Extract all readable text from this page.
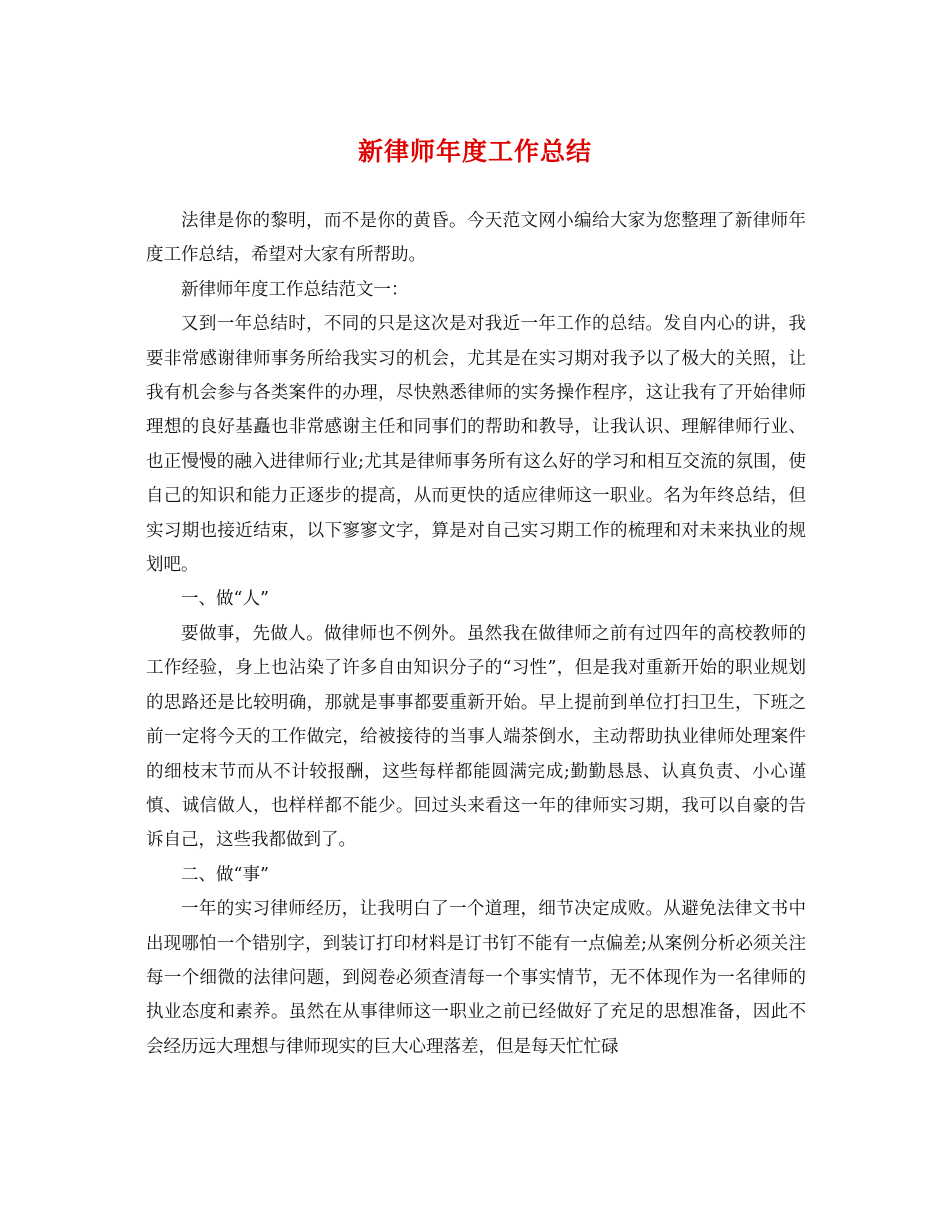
新律师年度工作总结

法律是你的黎明，而不是你的黄昏。今天范文网小编给大家为您整理了新律师年度工作总结，希望对大家有所帮助。

新律师年度工作总结范文一：

又到一年总结时，不同的只是这次是对我近一年工作的总结。发自内心的讲，我要非常感谢律师事务所给我实习的机会，尤其是在实习期对我予以了极大的关照，让我有机会参与各类案件的办理，尽快熟悉律师的实务操作程序，这让我有了开始律师理想的良好基矗也非常感谢主任和同事们的帮助和教导，让我认识、理解律师行业、也正慢慢的融入进律师行业;尤其是律师事务所有这么好的学习和相互交流的氛围，使自己的知识和能力正逐步的提高，从而更快的适应律师这一职业。名为年终总结，但实习期也接近结束，以下寥寥文字，算是对自己实习期工作的梳理和对未来执业的规划吧。

一、做“人”

要做事，先做人。做律师也不例外。虽然我在做律师之前有过四年的高校教师的工作经验，身上也沾染了许多自由知识分子的“习性”，但是我对重新开始的职业规划的思路还是比较明确，那就是事事都要重新开始。早上提前到单位打扫卫生，下班之前一定将今天的工作做完，给被接待的当事人端茶倒水，主动帮助执业律师处理案件的细枝末节而从不计较报酬，这些每样都能圆满完成;勤勤恳恳、认真负责、小心谨慎、诚信做人，也样样都不能少。回过头来看这一年的律师实习期，我可以自豪的告诉自己，这些我都做到了。

二、做“事”

一年的实习律师经历，让我明白了一个道理，细节决定成败。从避免法律文书中出现哪怕一个错别字，到装订打印材料是订书钉不能有一点偏差;从案例分析必须关注每一个细微的法律问题，到阅卷必须查清每一个事实情节，无不体现作为一名律师的执业态度和素养。虽然在从事律师这一职业之前已经做好了充足的思想准备，因此不会经历远大理想与律师现实的巨大心理落差，但是每天忙忙碌
